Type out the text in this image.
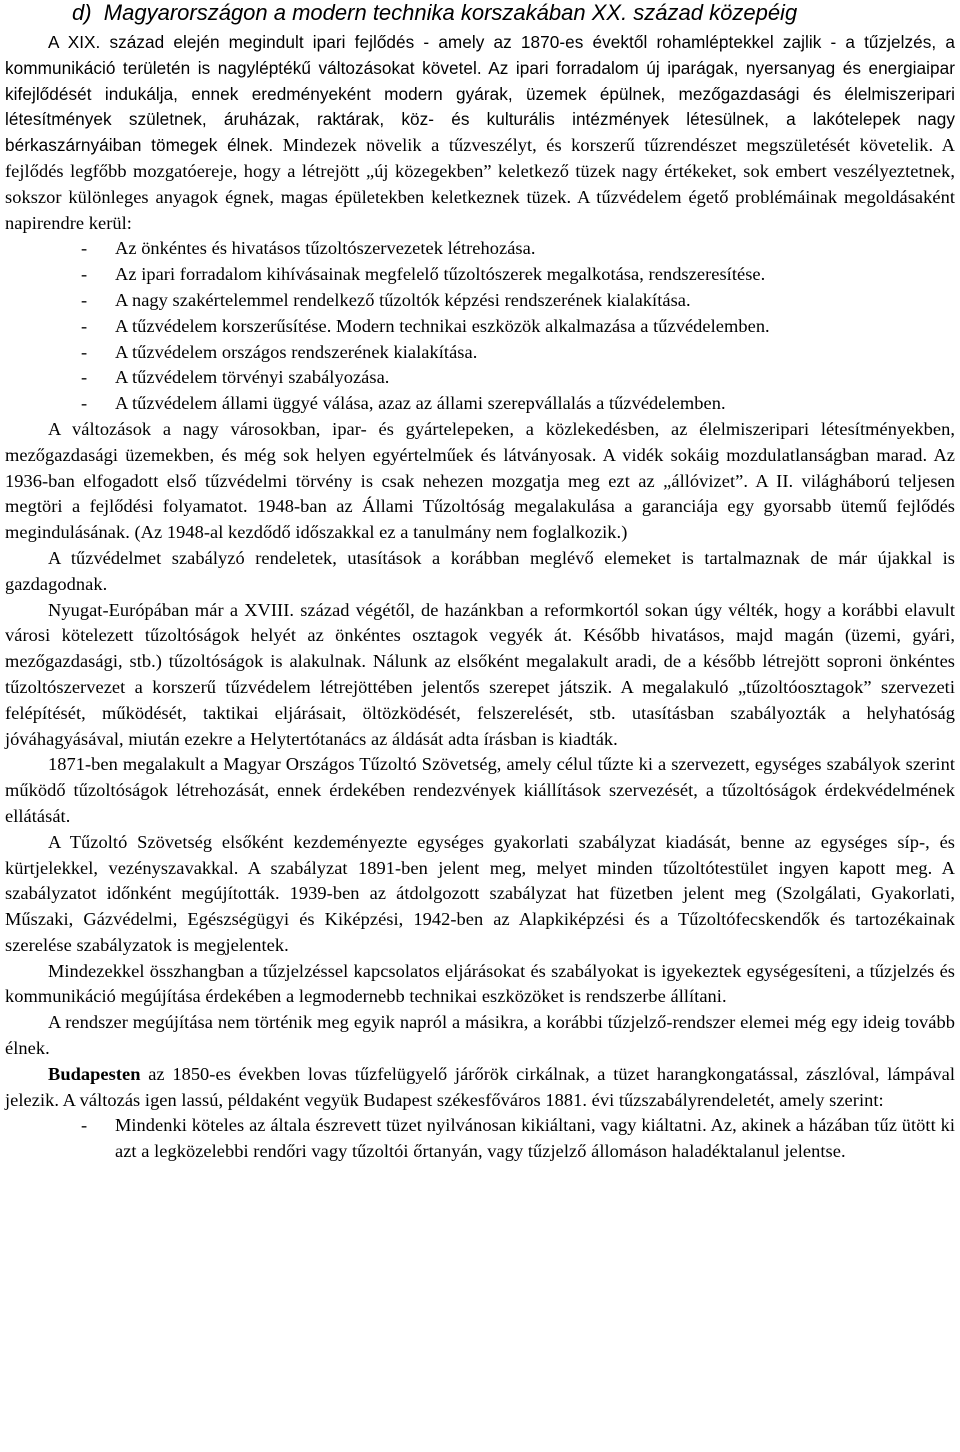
d)  Magyarországon a modern technika korszakában XX. század közepéig

A XIX. század elején megindult ipari fejlődés - amely az 1870-es évektől rohamléptekkel zajlik - a tűzjelzés, a kommunikáció területén is nagyléptékű változásokat követel. Az ipari forradalom új iparágak, nyersanyag és energiaipar kifejlődését indukálja, ennek eredményeként modern gyárak, üzemek épülnek, mezőgazdasági és élelmiszeripari létesítmények születnek, áruházak, raktárak, köz- és kulturális intézmények létesülnek, a lakótelepek nagy bérkaszárnyáiban tömegek élnek. Mindezek növelik a tűzveszélyt, és korszerű tűzrendészet megszületését követelik. A fejlődés legfőbb mozgatóereje, hogy a létrejött „új közegekben” keletkező tüzek nagy értékeket, sok embert veszélyeztetnek, sokszor különleges anyagok égnek, magas épületekben keletkeznek tüzek. A tűzvédelem égető problémáinak megoldásaként napirendre kerül:

- Az önkéntes és hivatásos tűzoltószervezetek létrehozása.
- Az ipari forradalom kihívásainak megfelelő tűzoltószerek megalkotása, rendszeresítése.
- A nagy szakértelemmel rendelkező tűzoltók képzési rendszerének kialakítása.
- A tűzvédelem korszerűsítése. Modern technikai eszközök alkalmazása a tűzvédelemben.
- A tűzvédelem országos rendszerének kialakítása.
- A tűzvédelem törvényi szabályozása.
- A tűzvédelem állami üggyé válása, azaz az állami szerepvállalás a tűzvédelemben.

A változások a nagy városokban, ipar- és gyártelepeken, a közlekedésben, az élelmiszeripari létesítményekben, mezőgazdasági üzemekben, és még sok helyen egyértelműek és látványosak. A vidék sokáig mozdulatlanságban marad. Az 1936-ban elfogadott első tűzvédelmi törvény is csak nehezen mozgatja meg ezt az „állóvizet”. A II. világháború teljesen megtöri a fejlődési folyamatot. 1948-ban az Állami Tűzoltóság megalakulása a garanciája egy gyorsabb ütemű fejlődés megindulásának. (Az 1948-al kezdődő időszakkal ez a tanulmány nem foglalkozik.)

A tűzvédelmet szabályzó rendeletek, utasítások a korábban meglévő elemeket is tartalmaznak de már újakkal is gazdagodnak.

Nyugat-Európában már a XVIII. század végétől, de hazánkban a reformkortól sokan úgy vélték, hogy a korábbi elavult városi kötelezett tűzoltóságok helyét az önkéntes osztagok vegyék át. Később hivatásos, majd magán (üzemi, gyári, mezőgazdasági, stb.) tűzoltóságok is alakulnak. Nálunk az elsőként megalakult aradi, de a később létrejött soproni önkéntes tűzoltószervezet a korszerű tűzvédelem létrejöttében jelentős szerepet játszik. A megalakuló „tűzoltóosztagok” szervezeti felépítését, működését, taktikai eljárásait, öltözködését, felszerelését, stb. utasításban szabályozták a helyhatóság jóváhagyásával, miután ezekre a Helytertótanács az áldását adta írásban is kiadták.

1871-ben megalakult a Magyar Országos Tűzoltó Szövetség, amely célul tűzte ki a szervezett, egységes szabályok szerint működő tűzoltóságok létrehozását, ennek érdekében rendezvények kiállítások szervezését, a tűzoltóságok érdekvédelmének ellátását.

A Tűzoltó Szövetség elsőként kezdeményezte egységes gyakorlati szabályzat kiadását, benne az egységes síp-, és kürtjelekkel, vezényszavakkal. A szabályzat 1891-ben jelent meg, melyet minden tűzoltótestület ingyen kapott meg. A szabályzatot időnként megújították. 1939-ben az átdolgozott szabályzat hat füzetben jelent meg (Szolgálati, Gyakorlati, Műszaki, Gázvédelmi, Egészségügyi és Kiképzési, 1942-ben az Alapkiképzési és a Tűzoltófecskendők és tartozékainak szerelése szabályzatok is megjelentek.

Mindezekkel összhangban a tűzjelzéssel kapcsolatos eljárásokat és szabályokat is igyekeztek egységesíteni, a tűzjelzés és kommunikáció megújítása érdekében a legmodernebb technikai eszközöket is rendszerbe állítani.

A rendszer megújítása nem történik meg egyik napról a másikra, a korábbi tűzjelző-rendszer elemei még egy ideig tovább élnek.

Budapesten az 1850-es években lovas tűzfelügyelő járőrök cirkálnak, a tüzet harangkongatással, zászlóval, lámpával jelezik. A változás igen lassú, példaként vegyük Budapest székesfőváros 1881. évi tűzszabályrendeletét, amely szerint:

- Mindenki köteles az általa észrevett tüzet nyilvánosan kikiáltani, vagy kiáltatni. Az, akinek a házában tűz ütött ki azt a legközelebbi rendőri vagy tűzoltói őrtanyán, vagy tűzjelző állomáson haladéktalanul jelentse.
